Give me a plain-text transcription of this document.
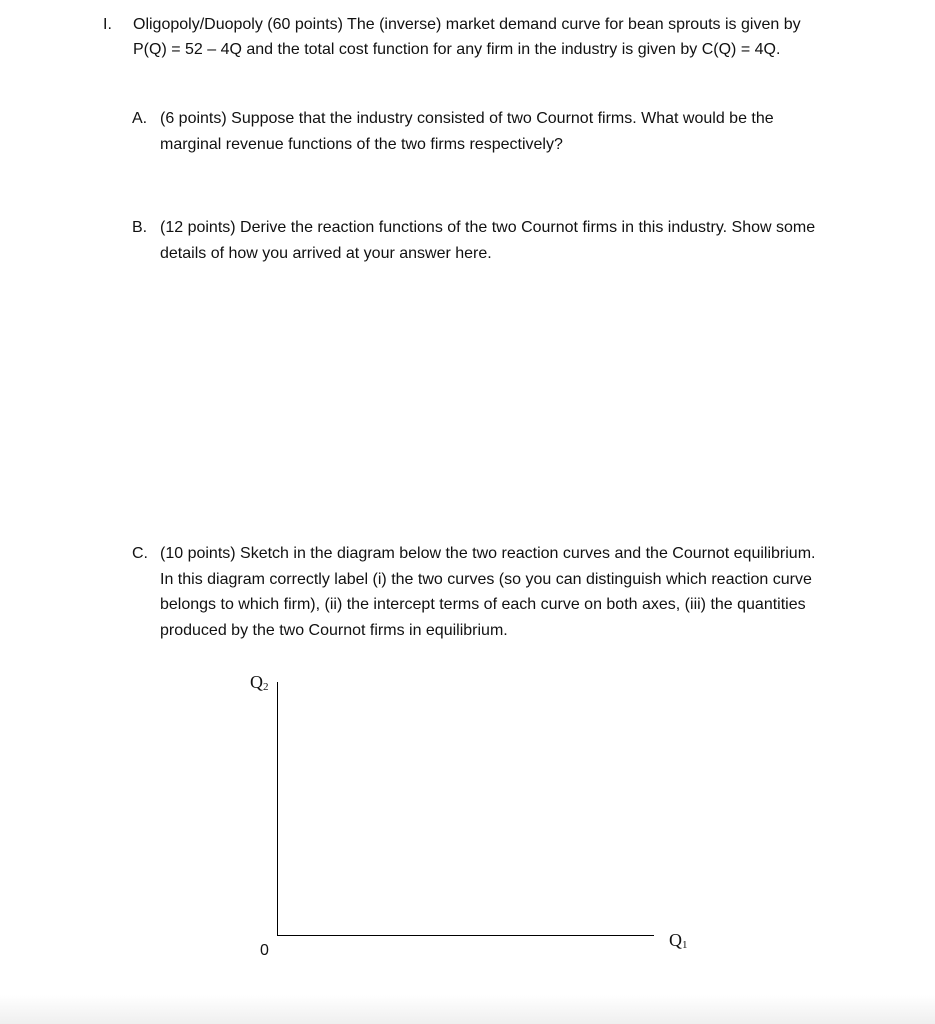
I. Oligopoly/Duopoly (60 points) The (inverse) market demand curve for bean sprouts is given by P(Q) = 52 – 4Q and the total cost function for any firm in the industry is given by C(Q) = 4Q.
A. (6 points) Suppose that the industry consisted of two Cournot firms. What would be the marginal revenue functions of the two firms respectively?
B. (12 points) Derive the reaction functions of the two Cournot firms in this industry. Show some details of how you arrived at your answer here.
C. (10 points) Sketch in the diagram below the two reaction curves and the Cournot equilibrium. In this diagram correctly label (i) the two curves (so you can distinguish which reaction curve belongs to which firm), (ii) the intercept terms of each curve on both axes, (iii) the quantities produced by the two Cournot firms in equilibrium.
$Q_2$
0
$Q_1$
